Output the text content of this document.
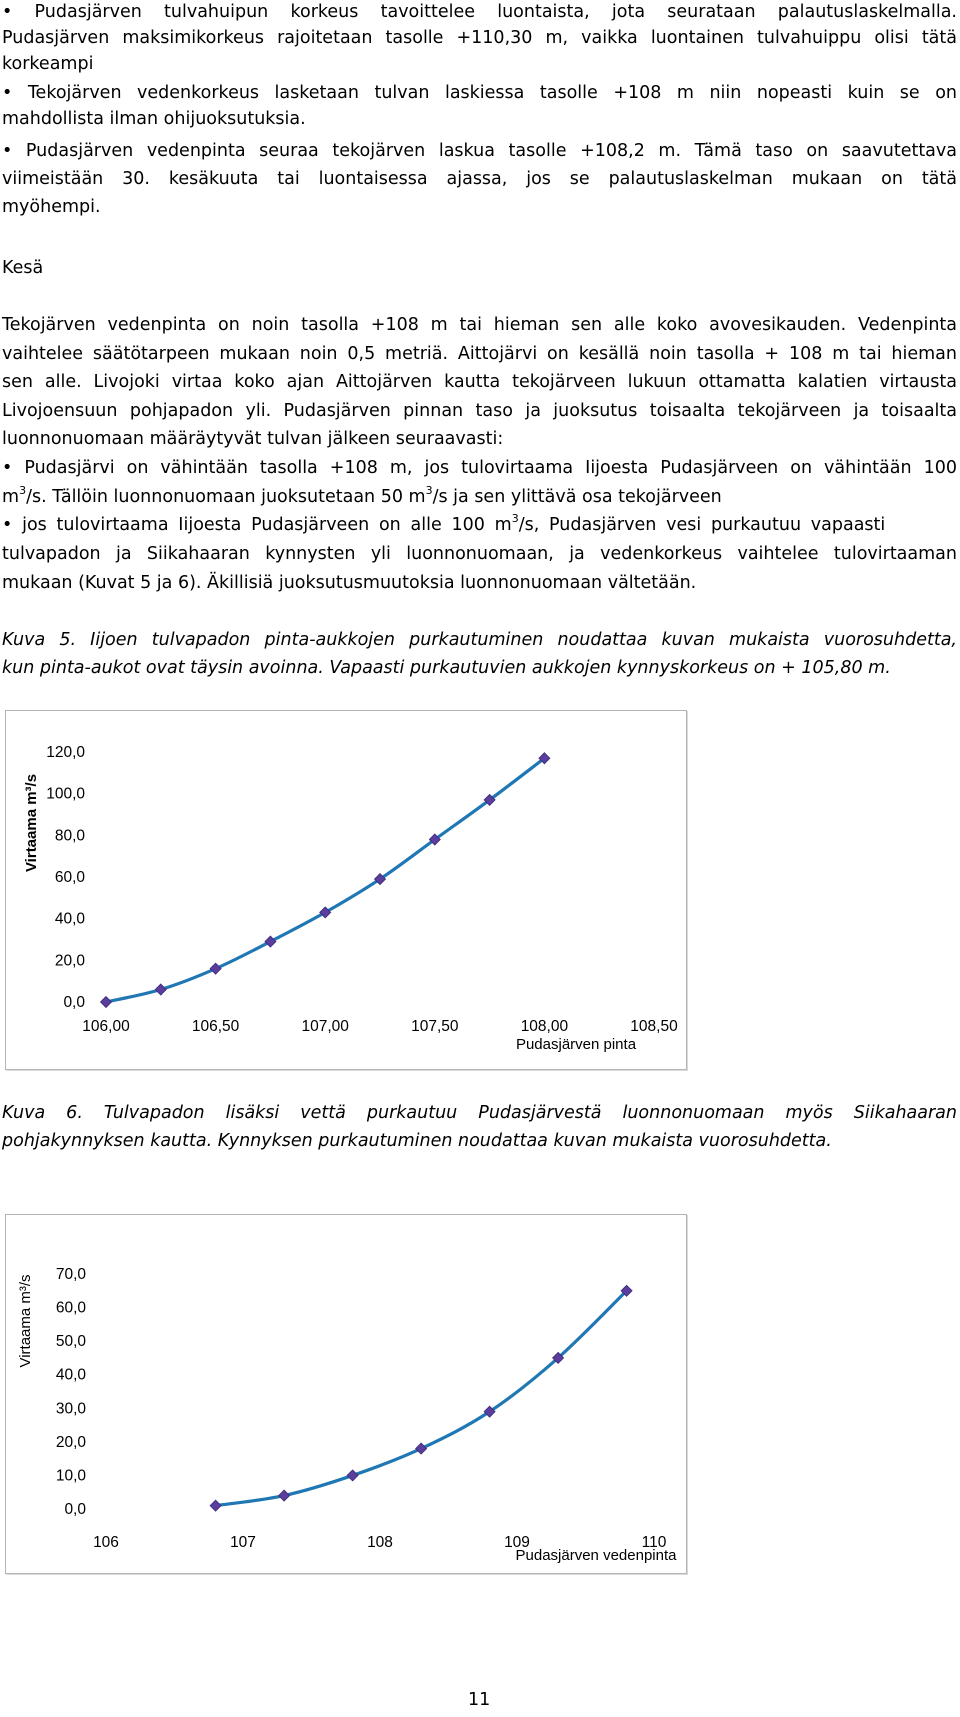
• Pudasjärven tulvahuipun korkeus tavoittelee luontaista, jota seurataan palautuslaskelmalla.
Pudasjärven maksimikorkeus rajoitetaan tasolle +110,30 m, vaikka luontainen tulvahuippu olisi tätä
korkeampi
• Tekojärven vedenkorkeus lasketaan tulvan laskiessa tasolle +108 m niin nopeasti kuin se on
mahdollista ilman ohijuoksutuksia.
• Pudasjärven vedenpinta seuraa tekojärven laskua tasolle +108,2 m. Tämä taso on saavutettava
viimeistään 30. kesäkuuta tai luontaisessa ajassa, jos se palautuslaskelman mukaan on tätä
myöhempi.
Kesä
Tekojärven vedenpinta on noin tasolla +108 m tai hieman sen alle koko avovesikauden. Vedenpinta
vaihtelee säätötarpeen mukaan noin 0,5 metriä. Aittojärvi on kesällä noin tasolla + 108 m tai hieman
sen alle. Livojoki virtaa koko ajan Aittojärven kautta tekojärveen lukuun ottamatta kalatien virtausta
Livojoensuun pohjapadon yli. Pudasjärven pinnan taso ja juoksutus toisaalta tekojärveen ja toisaalta
luonnonuomaan määräytyvät tulvan jälkeen seuraavasti:
• Pudasjärvi on vähintään tasolla +108 m, jos tulovirtaama Iijoesta Pudasjärveen on vähintään 100
$m^3/s$. Tällöin luonnonuomaan juoksutetaan 50 $m^3/s$ ja sen ylittävä osa tekojärveen
• jos tulovirtaama Iijoesta Pudasjärveen on alle 100 $m^3/s$, Pudasjärven vesi purkautuu vapaasti
tulvapadon ja Siikahaaran kynnysten yli luonnonuomaan, ja vedenkorkeus vaihtelee tulovirtaaman
mukaan (Kuvat 5 ja 6). Äkillisiä juoksutusmuutoksia luonnonuomaan vältetään.
Kuva 5. Iijoen tulvapadon pinta-aukkojen purkautuminen noudattaa kuvan mukaista vuorosuhdetta,
kun pinta-aukot ovat täysin avoinna. Vapaasti purkautuvien aukkojen kynnyskorkeus on + 105,80 m.
0,0
20,0
40,0
60,0
80,0
100,0
120,0
106,00	106,50	107,00	107,50	108,00	108,50
Pudasjärven pinta
Virtaama m³/s
Kuva 6. Tulvapadon lisäksi vettä purkautuu Pudasjärvestä luonnonuomaan myös Siikahaaran
pohjakynnyksen kautta. Kynnyksen purkautuminen noudattaa kuvan mukaista vuorosuhdetta.
0,0
10,0
20,0
30,0
40,0
50,0
60,0
70,0
106	107	108	109	110
Pudasjärven vedenpinta
Virtaama m³/s
11
